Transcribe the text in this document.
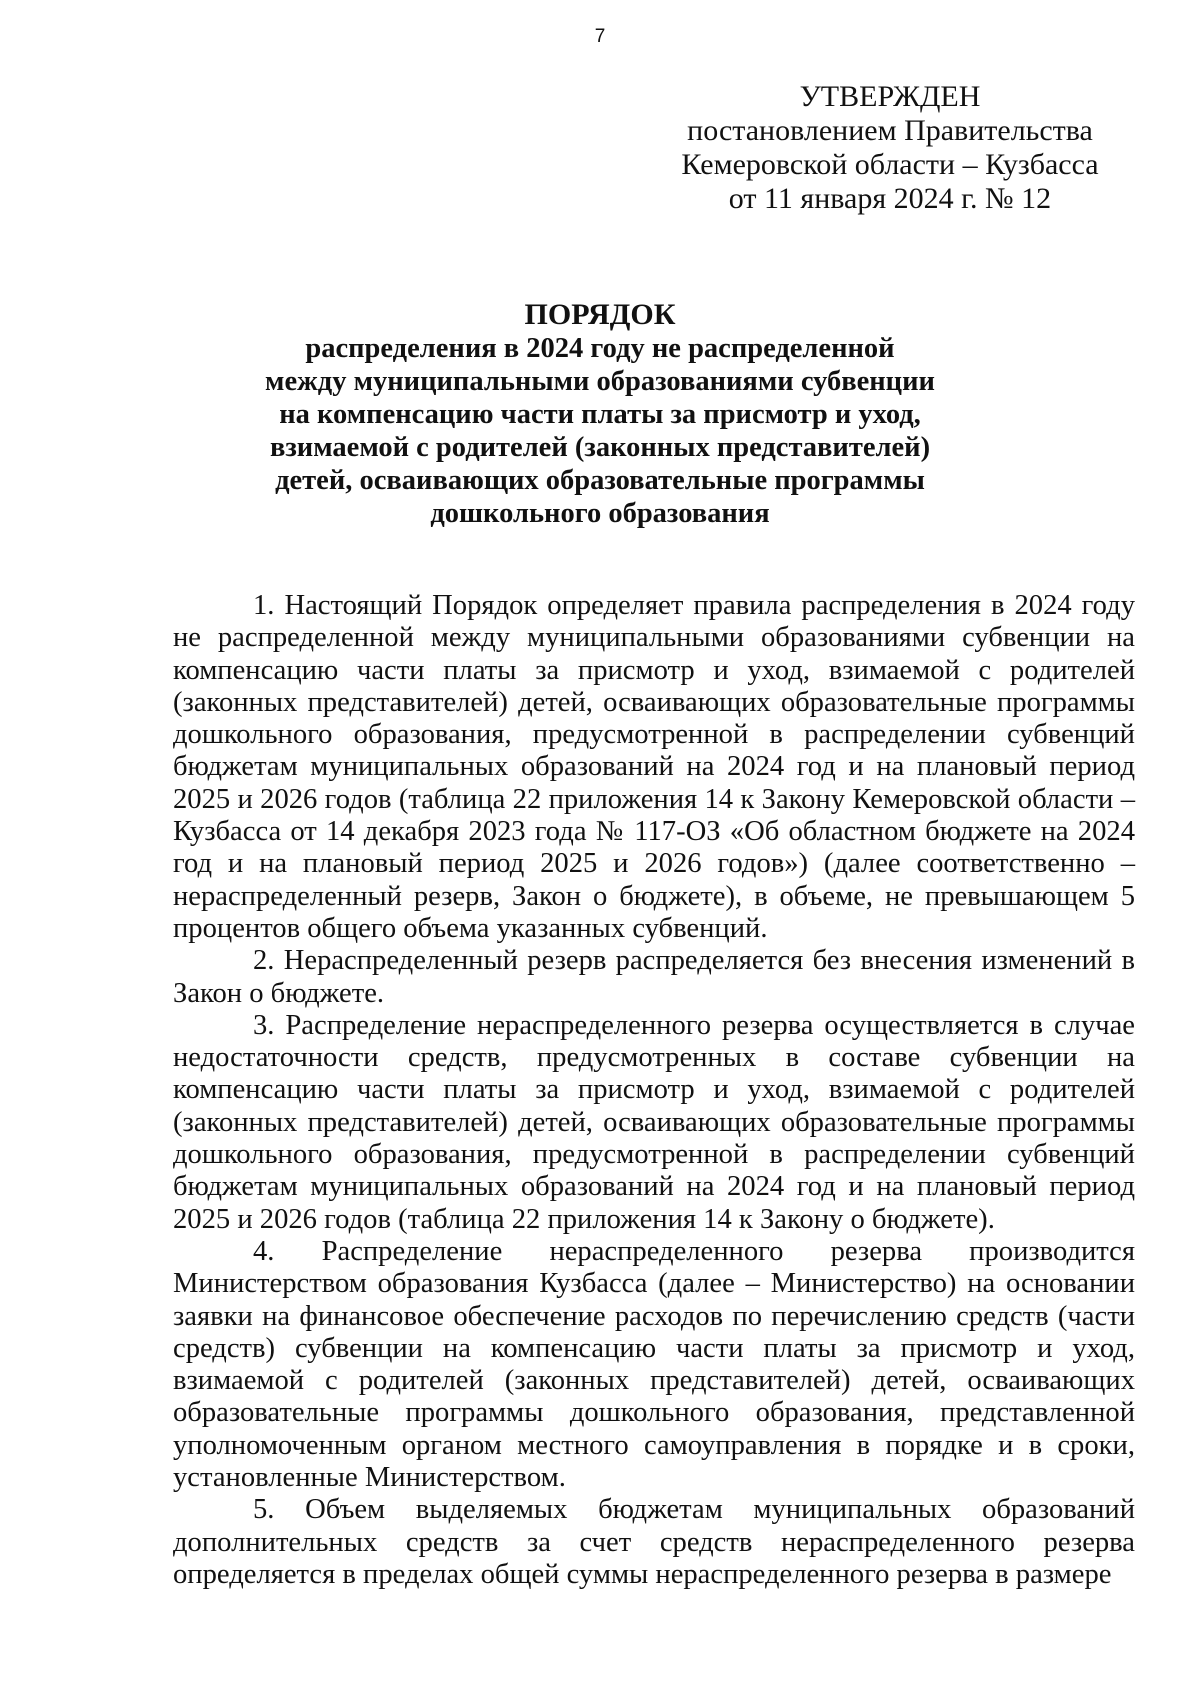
7
УТВЕРЖДЕН
постановлением Правительства
Кемеровской области – Кузбасса
от 11 января 2024 г. № 12
ПОРЯДОК
распределения в 2024 году не распределенной
между муниципальными образованиями субвенции
на компенсацию части платы за присмотр и уход,
взимаемой с родителей (законных представителей)
детей, осваивающих образовательные программы
дошкольного образования

1. Настоящий Порядок определяет правила распределения в 2024 году не распределенной между муниципальными образованиями субвенции на компенсацию части платы за присмотр и уход, взимаемой с родителей (законных представителей) детей, осваивающих образовательные программы дошкольного образования, предусмотренной в распределении субвенций бюджетам муниципальных образований на 2024 год и на плановый период 2025 и 2026 годов (таблица 22 приложения 14 к Закону Кемеровской области – Кузбасса от 14 декабря 2023 года № 117-ОЗ «Об областном бюджете на 2024 год и на плановый период 2025 и 2026 годов») (далее соответственно – нераспределенный резерв, Закон о бюджете), в объеме, не превышающем 5 процентов общего объема указанных субвенций.

2. Нераспределенный резерв распределяется без внесения изменений в Закон о бюджете.

3. Распределение нераспределенного резерва осуществляется в случае недостаточности средств, предусмотренных в составе субвенции на компенсацию части платы за присмотр и уход, взимаемой с родителей (законных представителей) детей, осваивающих образовательные программы дошкольного образования, предусмотренной в распределении субвенций бюджетам муниципальных образований на 2024 год и на плановый период 2025 и 2026 годов (таблица 22 приложения 14 к Закону о бюджете).

4. Распределение нераспределенного резерва производится Министерством образования Кузбасса (далее – Министерство) на основании заявки на финансовое обеспечение расходов по перечислению средств (части средств) субвенции на компенсацию части платы за присмотр и уход, взимаемой с родителей (законных представителей) детей, осваивающих образовательные программы дошкольного образования, представленной уполномоченным органом местного самоуправления в порядке и в сроки, установленные Министерством.

5. Объем выделяемых бюджетам муниципальных образований дополнительных средств за счет средств нераспределенного резерва определяется в пределах общей суммы нераспределенного резерва в размере
